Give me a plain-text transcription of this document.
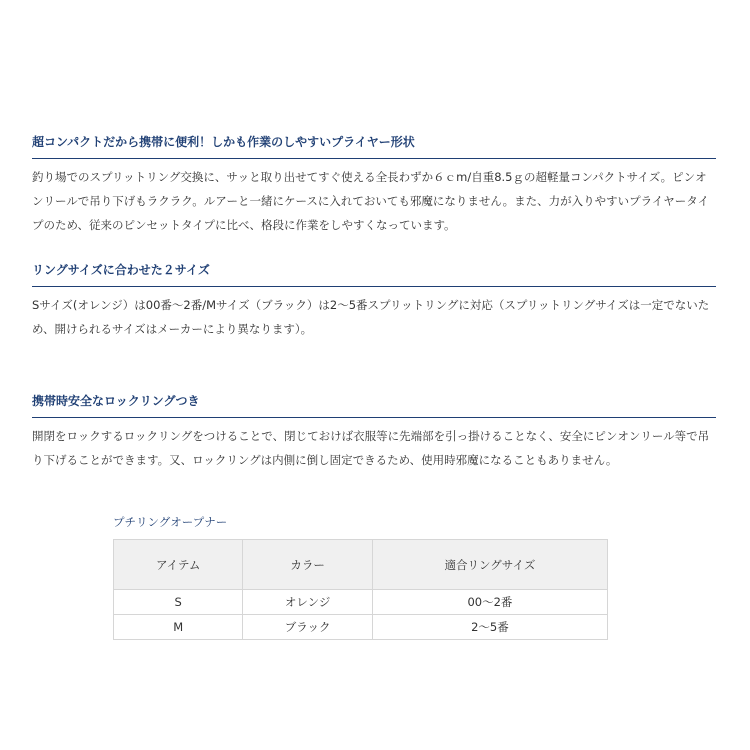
超コンパクトだから携帯に便利！しかも作業のしやすいプライヤー形状

釣り場でのスプリットリング交換に、サッと取り出せてすぐ使える全長わずか６ｃm/自重8.5ｇの超軽量コンパクトサイズ。ピンオンリールで吊り下げもラクラク。ルアーと一緒にケースに入れておいても邪魔になりません。また、力が入りやすいプライヤータイプのため、従来のピンセットタイプに比べ、格段に作業をしやすくなっています。

リングサイズに合わせた２サイズ

Sサイズ(オレンジ）は00番～2番/Mサイズ（ブラック）は2～5番スプリットリングに対応（スプリットリングサイズは一定でないため、開けられるサイズはメーカーにより異なります）。

携帯時安全なロックリングつき

開閉をロックするロックリングをつけることで、閉じておけば衣服等に先端部を引っ掛けることなく、安全にピンオンリール等で吊り下げることができます。又、ロックリングは内側に倒し固定できるため、使用時邪魔になることもありません。

プチリングオープナー
アイテム	カラー	適合リングサイズ
S	オレンジ	00～2番
M	ブラック	2～5番
